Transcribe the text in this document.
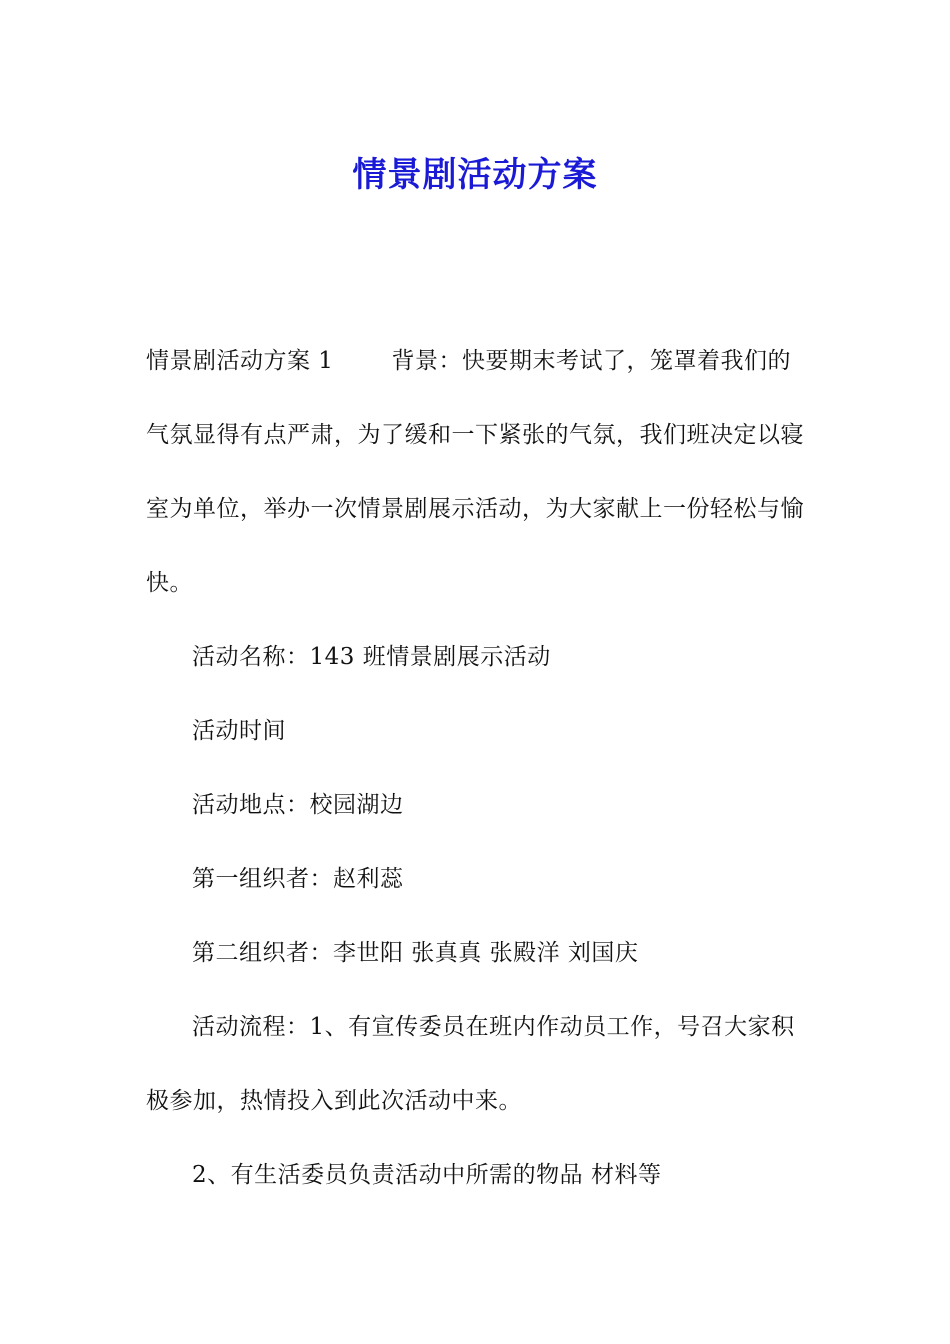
情景剧活动方案

情景剧活动方案 1	背景：快要期末考试了，笼罩着我们的气氛显得有点严肃，为了缓和一下紧张的气氛，我们班决定以寝室为单位，举办一次情景剧展示活动，为大家献上一份轻松与愉快。

活动名称：143 班情景剧展示活动

活动时间

活动地点：校园湖边

第一组织者：赵利蕊

第二组织者：李世阳 张真真 张殿洋 刘国庆

活动流程：1、有宣传委员在班内作动员工作，号召大家积极参加，热情投入到此次活动中来。

2、有生活委员负责活动中所需的物品 材料等
